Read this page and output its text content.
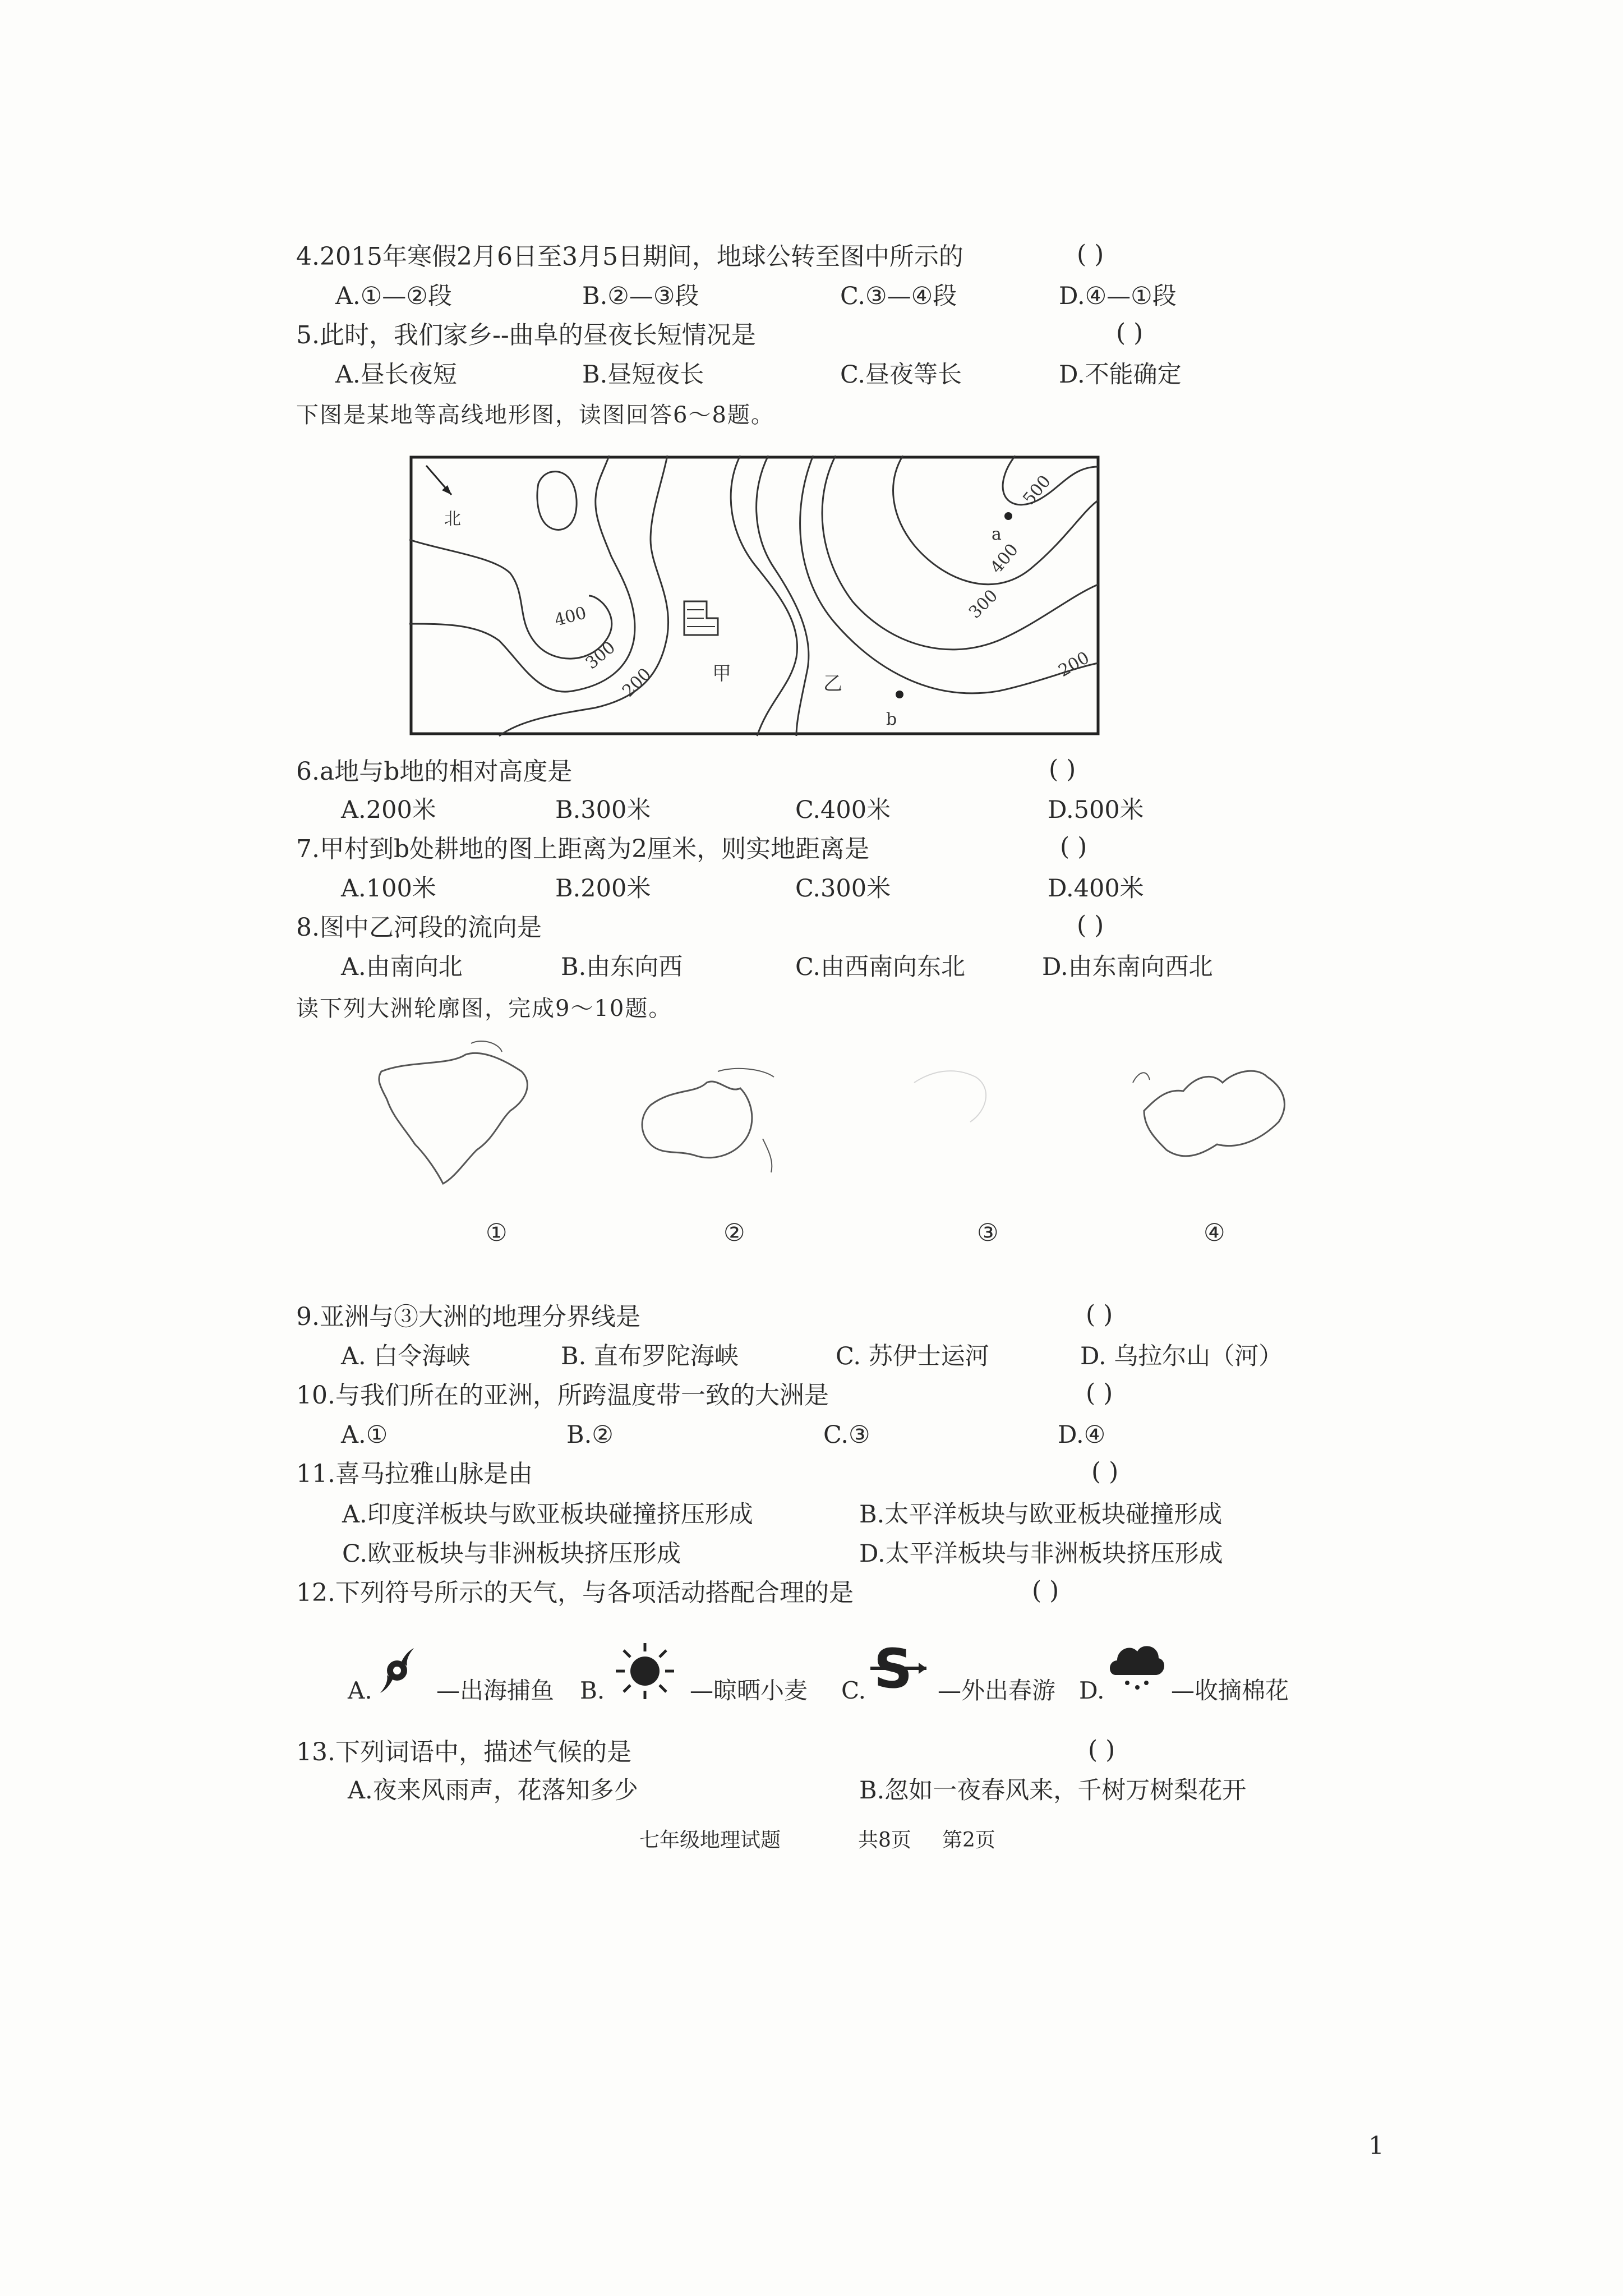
4.2015年寒假2月6日至3月5日期间，地球公转至图中所示的	( )
A.①—②段	B.②—③段	C.③—④段	D.④—①段
5.此时，我们家乡--曲阜的昼夜长短情况是	( )
A.昼长夜短	B.昼短夜长	C.昼夜等长	D.不能确定
下图是某地等高线地形图，读图回答6～8题。
北
a
b
甲	乙
500
400
300
400
300
200	200
6.a地与b地的相对高度是	( )
A.200米	B.300米	C.400米	D.500米
7.甲村到b处耕地的图上距离为2厘米，则实地距离是	( )
A.100米	B.200米	C.300米	D.400米
8.图中乙河段的流向是	( )
A.由南向北	B.由东向西	C.由西南向东北	D.由东南向西北
读下列大洲轮廓图，完成9～10题。
①	②	③	④
9.亚洲与③大洲的地理分界线是	( )
A. 白令海峡	B. 直布罗陀海峡	C. 苏伊士运河	D. 乌拉尔山（河）
10.与我们所在的亚洲，所跨温度带一致的大洲是	( )
A.①	B.②	C.③	D.④
11.喜马拉雅山脉是由	( )
A.印度洋板块与欧亚板块碰撞挤压形成	B.太平洋板块与欧亚板块碰撞形成
C.欧亚板块与非洲板块挤压形成	D.太平洋板块与非洲板块挤压形成
12.下列符号所示的天气，与各项活动搭配合理的是	( )
A.	—出海捕鱼 B.	—晾晒小麦 C. S —外出春游 D.	—收摘棉花
13.下列词语中，描述气候的是	( )
A.夜来风雨声，花落知多少	B.忽如一夜春风来，千树万树梨花开
七年级地理试题	共8页 第2页
1
